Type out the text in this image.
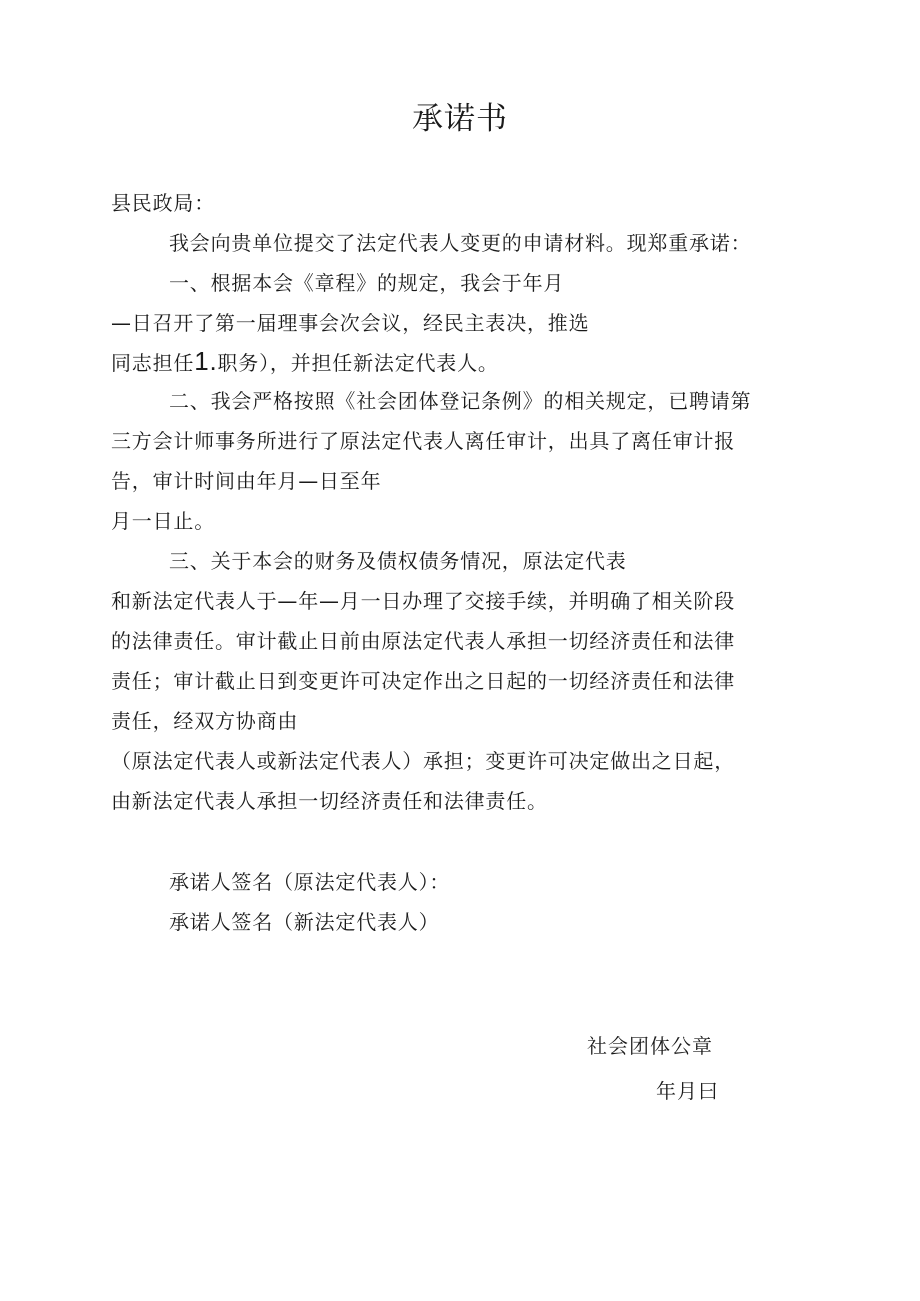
承诺书
县民政局：
我会向贵单位提交了法定代表人变更的申请材料。现郑重承诺：
一、根据本会《章程》的规定，我会于年月
—日召开了第一届理事会次会议，经民主表决，推选
同志担任1.职务），并担任新法定代表人。
二、我会严格按照《社会团体登记条例》的相关规定，已聘请第
三方会计师事务所进行了原法定代表人离任审计，出具了离任审计报
告，审计时间由年月—日至年
月一日止。
三、关于本会的财务及债权债务情况，原法定代表
和新法定代表人于—年—月一日办理了交接手续，并明确了相关阶段
的法律责任。审计截止日前由原法定代表人承担一切经济责任和法律
责任；审计截止日到变更许可决定作出之日起的一切经济责任和法律
责任，经双方协商由
（原法定代表人或新法定代表人）承担；变更许可决定做出之日起，
由新法定代表人承担一切经济责任和法律责任。
承诺人签名（原法定代表人）：
承诺人签名（新法定代表人）
社会团体公章
年月曰
